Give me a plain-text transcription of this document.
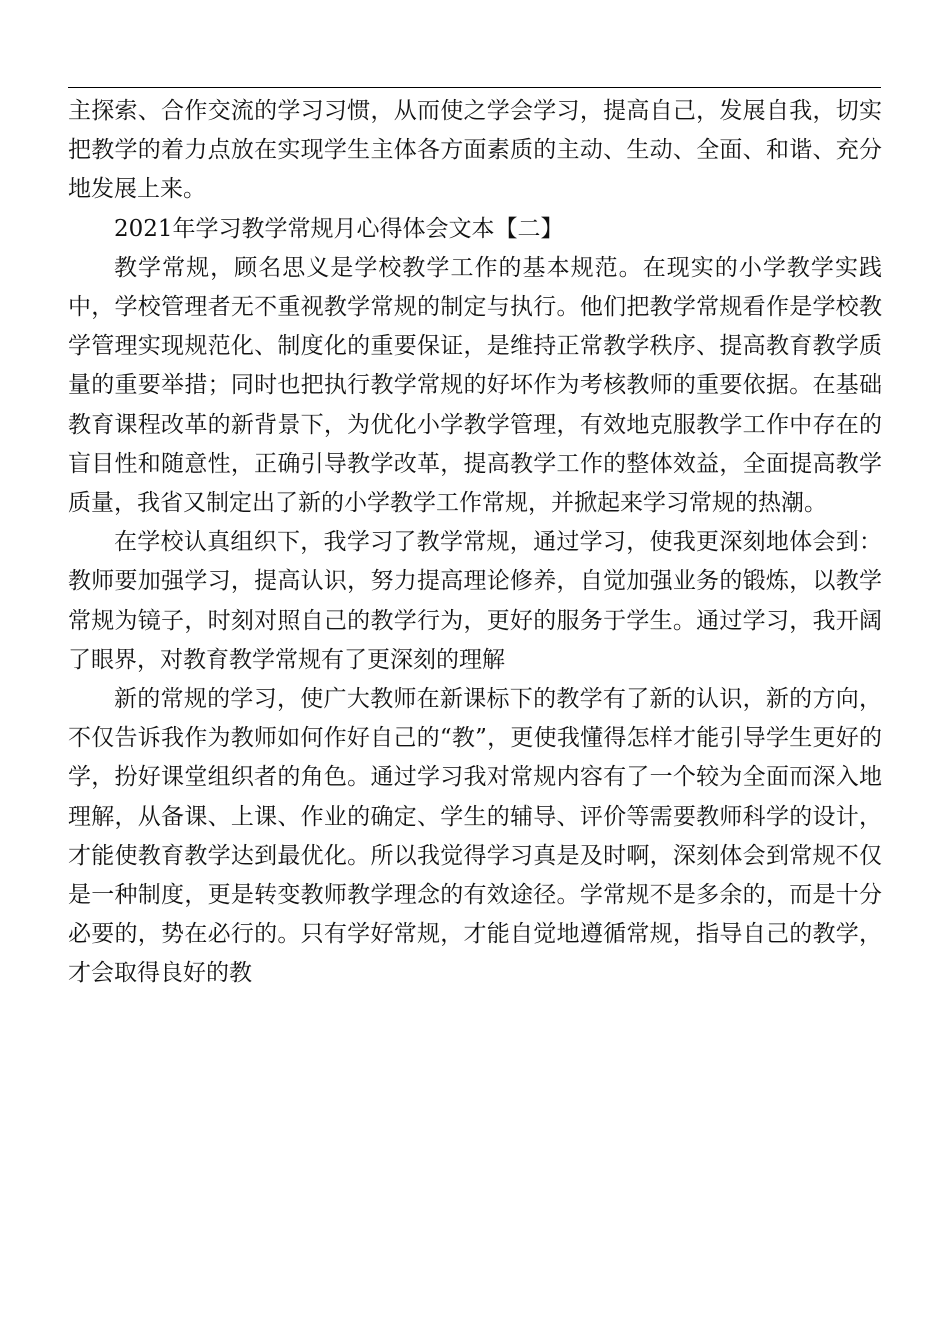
主探索、合作交流的学习习惯，从而使之学会学习，提高自己，发展自我，切实把教学的着力点放在实现学生主体各方面素质的主动、生动、全面、和谐、充分地发展上来。

2021年学习教学常规月心得体会文本【二】

教学常规，顾名思义是学校教学工作的基本规范。在现实的小学教学实践中，学校管理者无不重视教学常规的制定与执行。他们把教学常规看作是学校教学管理实现规范化、制度化的重要保证，是维持正常教学秩序、提高教育教学质量的重要举措；同时也把执行教学常规的好坏作为考核教师的重要依据。在基础教育课程改革的新背景下，为优化小学教学管理，有效地克服教学工作中存在的盲目性和随意性，正确引导教学改革，提高教学工作的整体效益，全面提高教学质量，我省又制定出了新的小学教学工作常规，并掀起来学习常规的热潮。

在学校认真组织下，我学习了教学常规，通过学习，使我更深刻地体会到：教师要加强学习，提高认识，努力提高理论修养，自觉加强业务的锻炼，以教学常规为镜子，时刻对照自己的教学行为，更好的服务于学生。通过学习，我开阔了眼界，对教育教学常规有了更深刻的理解

新的常规的学习，使广大教师在新课标下的教学有了新的认识，新的方向，不仅告诉我作为教师如何作好自己的“教”，更使我懂得怎样才能引导学生更好的学，扮好课堂组织者的角色。通过学习我对常规内容有了一个较为全面而深入地理解，从备课、上课、作业的确定、学生的辅导、评价等需要教师科学的设计，才能使教育教学达到最优化。所以我觉得学习真是及时啊，深刻体会到常规不仅是一种制度，更是转变教师教学理念的有效途径。学常规不是多余的，而是十分必要的，势在必行的。只有学好常规，才能自觉地遵循常规，指导自己的教学，才会取得良好的教
